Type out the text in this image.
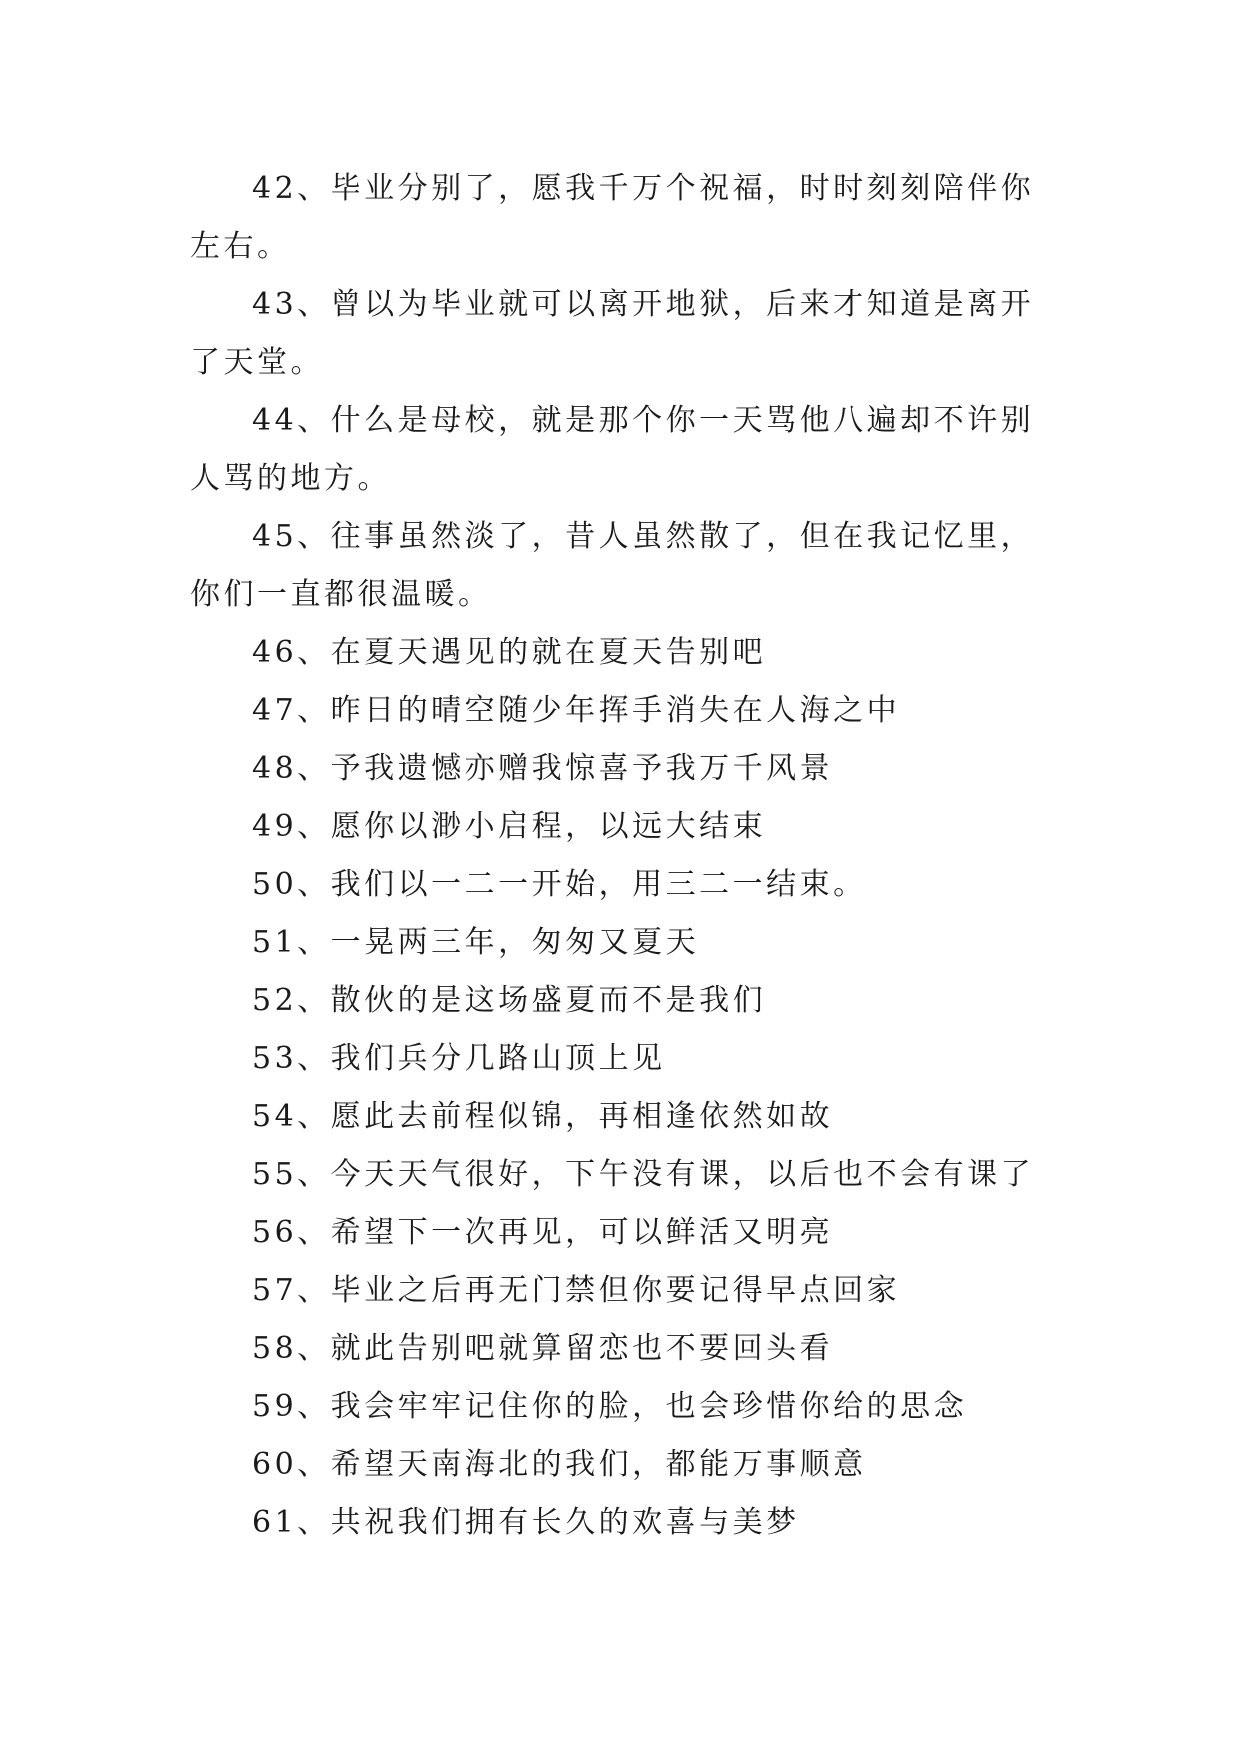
42、毕业分别了，愿我千万个祝福，时时刻刻陪伴你左右。

43、曾以为毕业就可以离开地狱，后来才知道是离开了天堂。

44、什么是母校，就是那个你一天骂他八遍却不许别人骂的地方。

45、往事虽然淡了，昔人虽然散了，但在我记忆里，你们一直都很温暖。

46、在夏天遇见的就在夏天告别吧

47、昨日的晴空随少年挥手消失在人海之中

48、予我遗憾亦赠我惊喜予我万千风景

49、愿你以渺小启程，以远大结束

50、我们以一二一开始，用三二一结束。

51、一晃两三年，匆匆又夏天

52、散伙的是这场盛夏而不是我们

53、我们兵分几路山顶上见

54、愿此去前程似锦，再相逢依然如故

55、今天天气很好，下午没有课，以后也不会有课了

56、希望下一次再见，可以鲜活又明亮

57、毕业之后再无门禁但你要记得早点回家

58、就此告别吧就算留恋也不要回头看

59、我会牢牢记住你的脸，也会珍惜你给的思念

60、希望天南海北的我们，都能万事顺意

61、共祝我们拥有长久的欢喜与美梦
